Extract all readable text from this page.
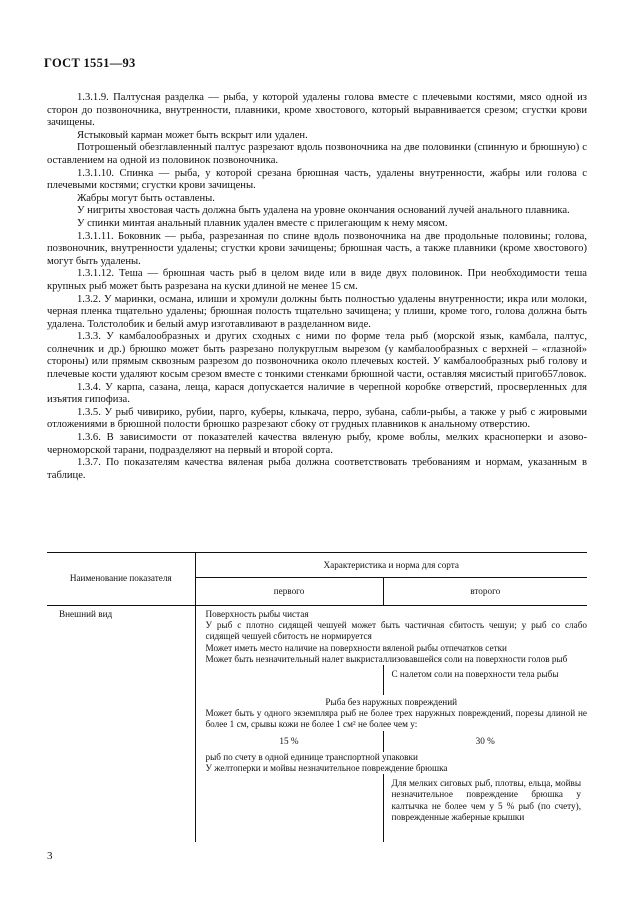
ГОСТ 1551—93

1.3.1.9. Палтусная разделка — рыба, у которой удалены голова вместе с плечевыми костями, мясо одной из сторон до позвоночника, внутренности, плавники, кроме хвостового, который выравнивается срезом; сгустки крови зачищены.

Ястыковый карман может быть вскрыт или удален.

Потрошеный обезглавленный палтус разрезают вдоль позвоночника на две половинки (спинную и брюшную) с оставлением на одной из половинок позвоночника.

1.3.1.10. Спинка — рыба, у которой срезана брюшная часть, удалены внутренности, жабры или голова с плечевыми костями; сгустки крови зачищены.

Жабры могут быть оставлены.

У нигриты хвостовая часть должна быть удалена на уровне окончания оснований лучей анального плавника.

У спинки минтая анальный плавник удален вместе с прилегающим к нему мясом.

1.3.1.11. Боковник — рыба, разрезанная по спине вдоль позвоночника на две продольные половины; голова, позвоночник, внутренности удалены; сгустки крови зачищены; брюшная часть, а также плавники (кроме хвостового) могут быть удалены.

1.3.1.12. Теша — брюшная часть рыб в целом виде или в виде двух половинок. При необходимости теша крупных рыб может быть разрезана на куски длиной не менее 15 см.

1.3.2. У маринки, османа, илиши и хромули должны быть полностью удалены внутренности; икра или молоки, черная пленка тщательно удалены; брюшная полость тщательно зачищена; у плиши, кроме того, голова должна быть удалена. Толстолобик и белый амур изготавливают в разделанном виде.

1.3.3. У камбалообразных и других сходных с ними по форме тела рыб (морской язык, камбала, палтус, солнечник и др.) брюшко может быть разрезано полукруглым вырезом (у камбалообразных с верхней – «глазной» стороны) или прямым сквозным разрезом до позвоночника около плечевых костей. У камбалообразных рыб голову и плечевые кости удаляют косым срезом вместе с тонкими стенками брюшной части, оставляя мясистый приго657ловок.

1.3.4. У карпа, сазана, леща, карася допускается наличие в черепной коробке отверстий, просверленных для изъятия гипофиза.

1.3.5. У рыб чивирико, рубии, парго, куберы, клыкача, перро, зубана, сабли-рыбы, а также у рыб с жировыми отложениями в брюшной полости брюшко разрезают сбоку от грудных плавников к анальному отверстию.

1.3.6. В зависимости от показателей качества вяленую рыбу, кроме воблы, мелких красноперки и азово-черноморской тарани, подразделяют на первый и второй сорта.

1.3.7. По показателям качества вяленая рыба должна соответствовать требованиям и нормам, указанным в таблице.

Наименование показателя	Характеристика и норма для сорта	
	первого	второго
Внешний вид	Поверхность рыбы чистая	
	У рыб с плотно сидящей чешуей может быть частичная сбитость чешуи; у рыб со слабо сидящей чешуей сбитость не нормируется	
	Может иметь место наличие на поверхности вяленой рыбы отпечатков сетки	
	Может быть незначительный налет выкристаллизовавшейся соли на поверхности голов рыб	
		С налетом соли на поверхности тела рыбы
	Рыба без наружных повреждений	
	Может быть у одного экземпляра рыб не более трех наружных повреждений, порезы длиной не более 1 см, срывы кожи не более 1 см² не более чем у:	
	15 %	30 %
	рыб по счету в одной единице транспортной упаковки	
	У желтоперки и мойвы незначительное повреждение брюшка	
		Для мелких сиговых рыб, плотвы, ельца, мойвы незначительное повреждение брюшка у калтычка не более чем у 5 % рыб (по счету), поврежденные жаберные крышки
3
